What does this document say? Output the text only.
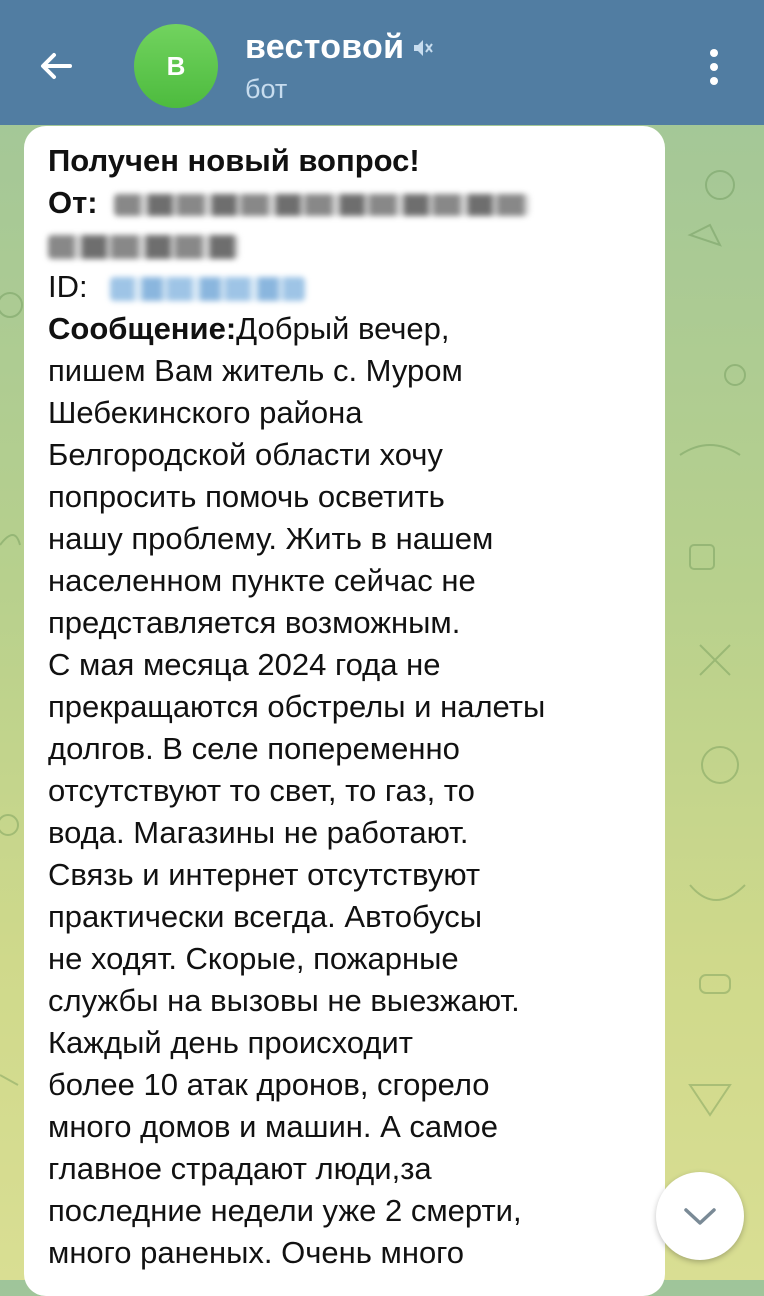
В вестовой
бот
Получен новый вопрос!
От:
ID:
Сообщение:Добрый вечер,
пишем Вам житель с. Муром
Шебекинского района
Белгородской области хочу
попросить помочь осветить
нашу проблему. Жить в нашем
населенном пункте сейчас не
представляется возможным.
С мая месяца 2024 года не
прекращаются обстрелы и налеты
долгов. В селе попеременно
отсутствуют то свет, то газ, то
вода. Магазины не работают.
Связь и интернет отсутствуют
практически всегда. Автобусы
не ходят. Скорые, пожарные
службы на вызовы не выезжают.
Каждый день происходит
более 10 атак дронов, сгорело
много домов и машин. А самое
главное страдают люди,за
последние недели уже 2 смерти,
много раненых. Очень много
